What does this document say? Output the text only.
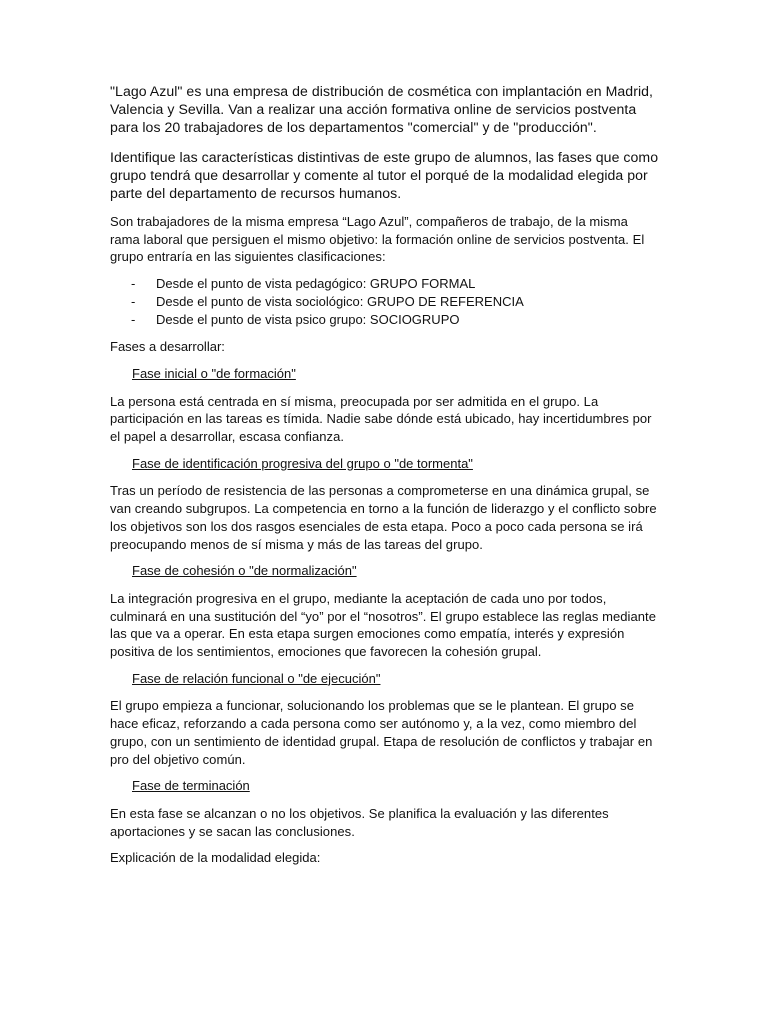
"Lago Azul" es una empresa de distribución de cosmética con implantación en Madrid, Valencia y Sevilla. Van a realizar una acción formativa online de servicios postventa para los 20 trabajadores de los departamentos "comercial" y de "producción".

Identifique las características distintivas de este grupo de alumnos, las fases que como grupo tendrá que desarrollar y comente al tutor el porqué de la modalidad elegida por parte del departamento de recursos humanos.

Son trabajadores de la misma empresa “Lago Azul”, compañeros de trabajo, de la misma rama laboral que persiguen el mismo objetivo: la formación online de servicios postventa. El grupo entraría en las siguientes clasificaciones:

- Desde el punto de vista pedagógico: GRUPO FORMAL
- Desde el punto de vista sociológico: GRUPO DE REFERENCIA
- Desde el punto de vista psico grupo: SOCIOGRUPO

Fases a desarrollar:

Fase inicial o "de formación"

La persona está centrada en sí misma, preocupada por ser admitida en el grupo. La participación en las tareas es tímida. Nadie sabe dónde está ubicado, hay incertidumbres por el papel a desarrollar, escasa confianza.

Fase de identificación progresiva del grupo o "de tormenta"

Tras un período de resistencia de las personas a comprometerse en una dinámica grupal, se van creando subgrupos. La competencia en torno a la función de liderazgo y el conflicto sobre los objetivos son los dos rasgos esenciales de esta etapa. Poco a poco cada persona se irá preocupando menos de sí misma y más de las tareas del grupo.

Fase de cohesión o "de normalización"

La integración progresiva en el grupo, mediante la aceptación de cada uno por todos, culminará en una sustitución del “yo” por el “nosotros”. El grupo establece las reglas mediante las que va a operar. En esta etapa surgen emociones como empatía, interés y expresión positiva de los sentimientos, emociones que favorecen la cohesión grupal.

Fase de relación funcional o "de ejecución"

El grupo empieza a funcionar, solucionando los problemas que se le plantean. El grupo se hace eficaz, reforzando a cada persona como ser autónomo y, a la vez, como miembro del grupo, con un sentimiento de identidad grupal. Etapa de resolución de conflictos y trabajar en pro del objetivo común.

Fase de terminación

En esta fase se alcanzan o no los objetivos. Se planifica la evaluación y las diferentes aportaciones y se sacan las conclusiones.

Explicación de la modalidad elegida:
